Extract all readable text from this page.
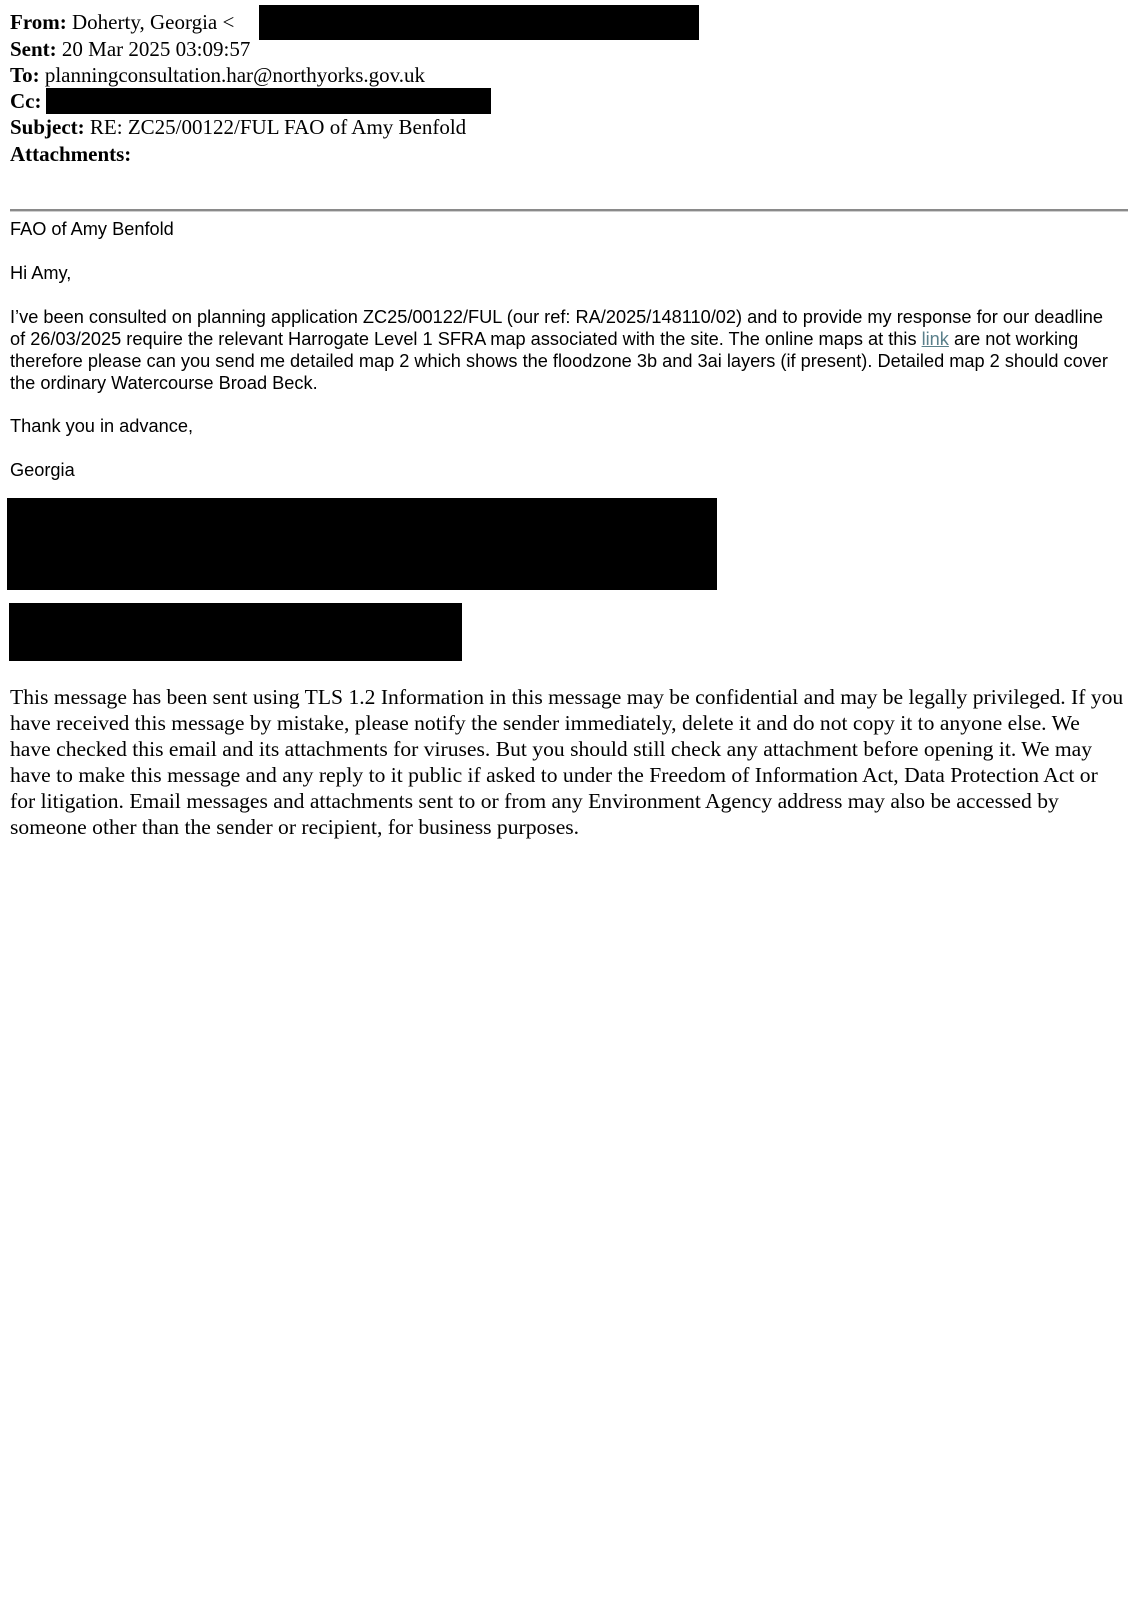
From: Doherty, Georgia <
Sent: 20 Mar 2025 03:09:57
To: planningconsultation.har@northyorks.gov.uk
Cc:
Subject: RE: ZC25/00122/FUL FAO of Amy Benfold
Attachments:
FAO of Amy Benfold
Hi Amy,
I’ve been consulted on planning application ZC25/00122/FUL (our ref: RA/2025/148110/02) and to provide my response for our deadline of 26/03/2025 require the relevant Harrogate Level 1 SFRA map associated with the site. The online maps at this link are not working therefore please can you send me detailed map 2 which shows the floodzone 3b and 3ai layers (if present). Detailed map 2 should cover the ordinary Watercourse Broad Beck.
Thank you in advance,
Georgia
This message has been sent using TLS 1.2 Information in this message may be confidential and may be legally privileged. If you have received this message by mistake, please notify the sender immediately, delete it and do not copy it to anyone else. We have checked this email and its attachments for viruses. But you should still check any attachment before opening it. We may have to make this message and any reply to it public if asked to under the Freedom of Information Act, Data Protection Act or for litigation. Email messages and attachments sent to or from any Environment Agency address may also be accessed by someone other than the sender or recipient, for business purposes.
